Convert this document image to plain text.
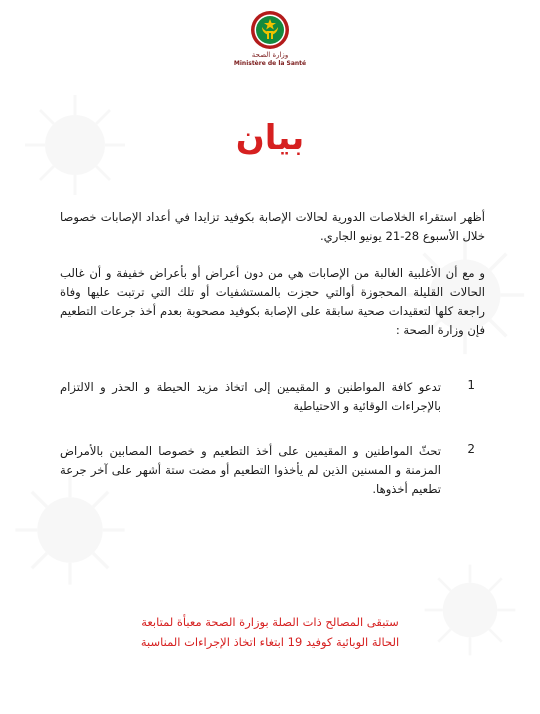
وزارة الصحة
Ministère de la Santé
بيان
أظهر استقراء الخلاصات الدورية لحالات الإصابة بكوفيد تزايدا في أعداد الإصابات خصوصا خلال الأسبوع 28-21 يونيو الجاري.
و مع أن الأغلبية الغالبة من الإصابات هي من دون أعراض أو بأعراض خفيفة و أن غالب الحالات القليلة المحجوزة أوالتي حجزت بالمستشفيات أو تلك التي ترتبت عليها وفاة راجعة كلها لتعقيدات صحية سابقة على الإصابة بكوفيد مصحوبة بعدم أخذ جرعات التطعيم فإن وزارة الصحة :
1
تدعو كافة المواطنين و المقيمين إلى اتخاذ مزيد الحيطة و الحذر و الالتزام بالإجراءات الوقائية و الاحتياطية
2
تحثّ المواطنين و المقيمين على أخذ التطعيم و خصوصا المصابين بالأمراض المزمنة و المسنين الذين لم يأخذوا التطعيم أو مضت ستة أشهر على آخر جرعة تطعيم أخذوها.
ستبقى المصالح ذات الصلة بوزارة الصحة معبأة لمتابعة
الحالة الوبائية كوفيد 19 ابتغاء اتخاذ الإجراءات المناسبة
